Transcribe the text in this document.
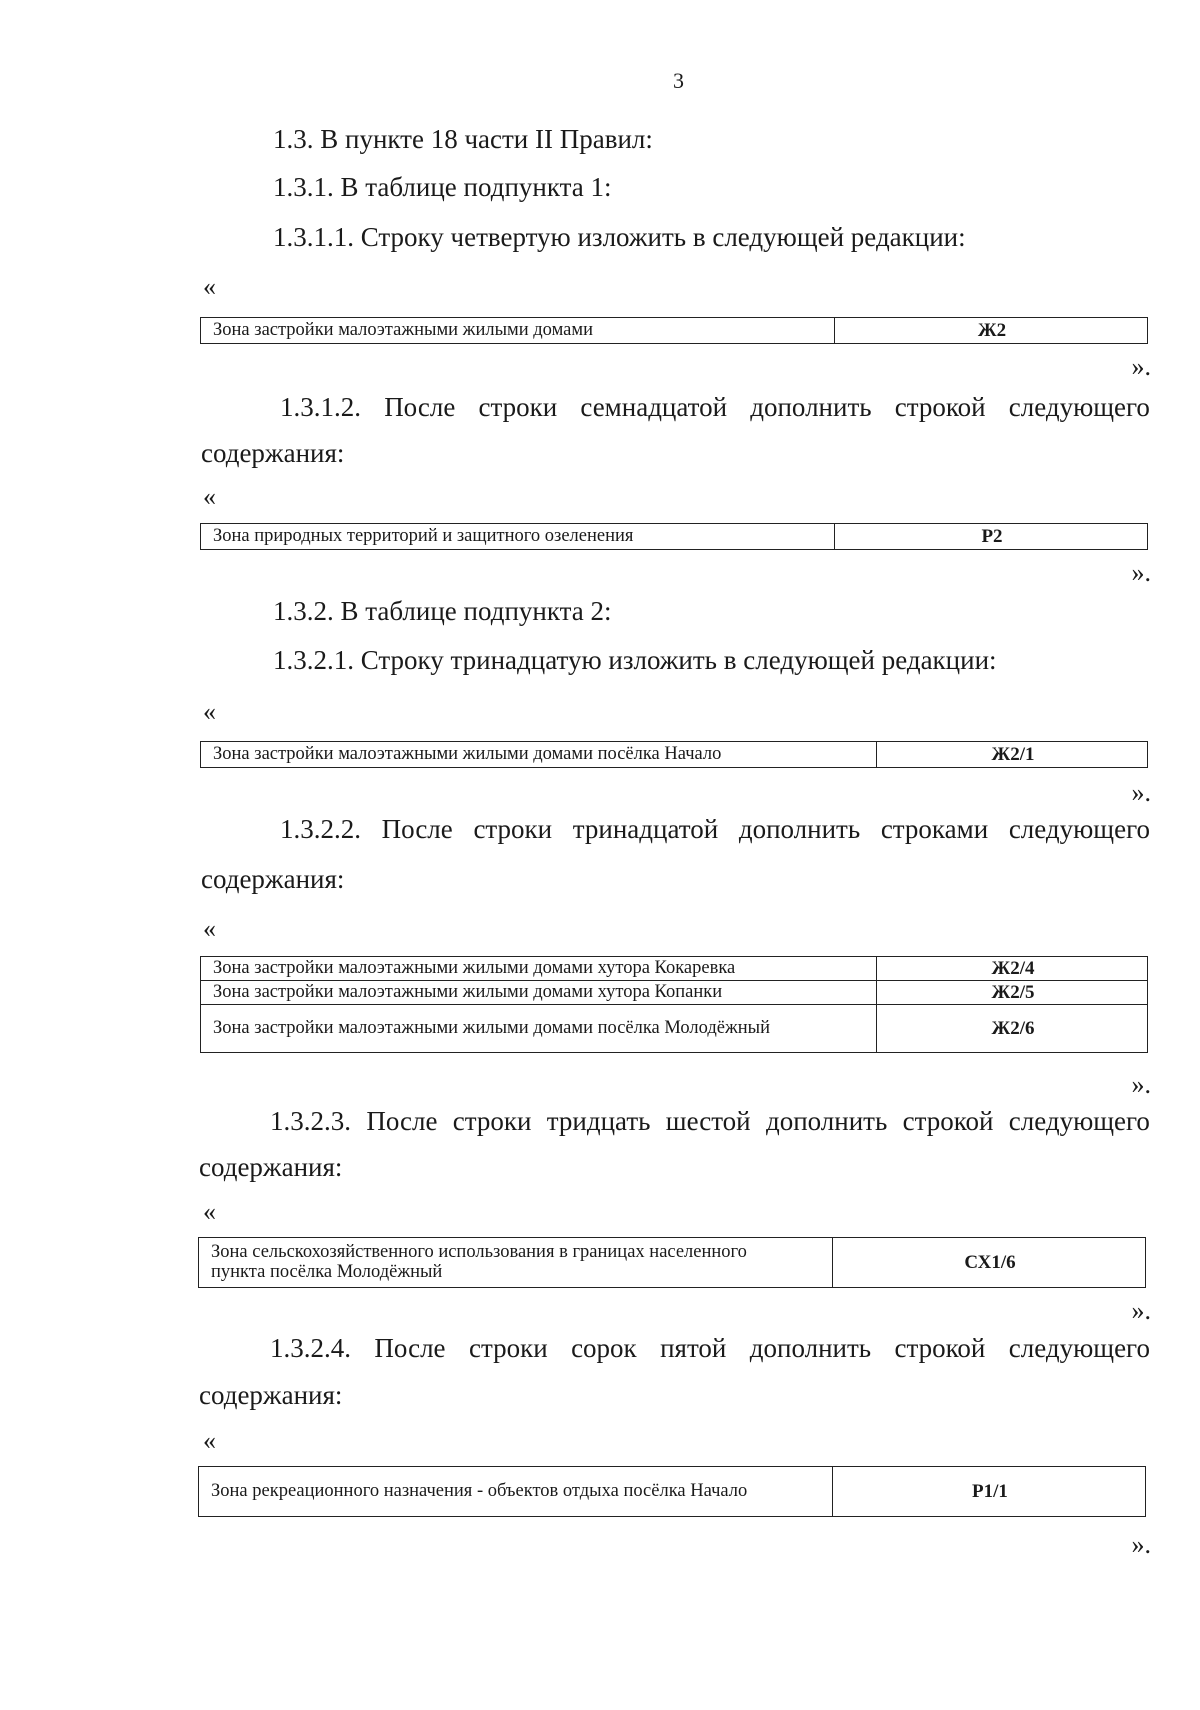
3
1.3. В пункте 18 части II Правил:
1.3.1. В таблице подпункта 1:
1.3.1.1. Строку четвертую изложить в следующей редакции:
«
Зона застройки малоэтажными жилыми домами	Ж2
».
1.3.1.2. После строки семнадцатой дополнить строкой следующего
содержания:
«
Зона природных территорий и защитного озеленения	Р2
».
1.3.2. В таблице подпункта 2:
1.3.2.1. Строку тринадцатую изложить в следующей редакции:
«
Зона застройки малоэтажными жилыми домами посёлка Начало	Ж2/1
».
1.3.2.2. После строки тринадцатой дополнить строками следующего
содержания:
«
Зона застройки малоэтажными жилыми домами хутора Кокаревка	Ж2/4
Зона застройки малоэтажными жилыми домами хутора Копанки	Ж2/5
Зона застройки малоэтажными жилыми домами посёлка Молодёжный	Ж2/6
».
1.3.2.3. После строки тридцать шестой дополнить строкой следующего
содержания:
«
Зона сельскохозяйственного использования в границах населенного пункта посёлка Молодёжный	СХ1/6
».
1.3.2.4. После строки сорок пятой дополнить строкой следующего
содержания:
«
Зона рекреационного назначения - объектов отдыха посёлка Начало	Р1/1
».
